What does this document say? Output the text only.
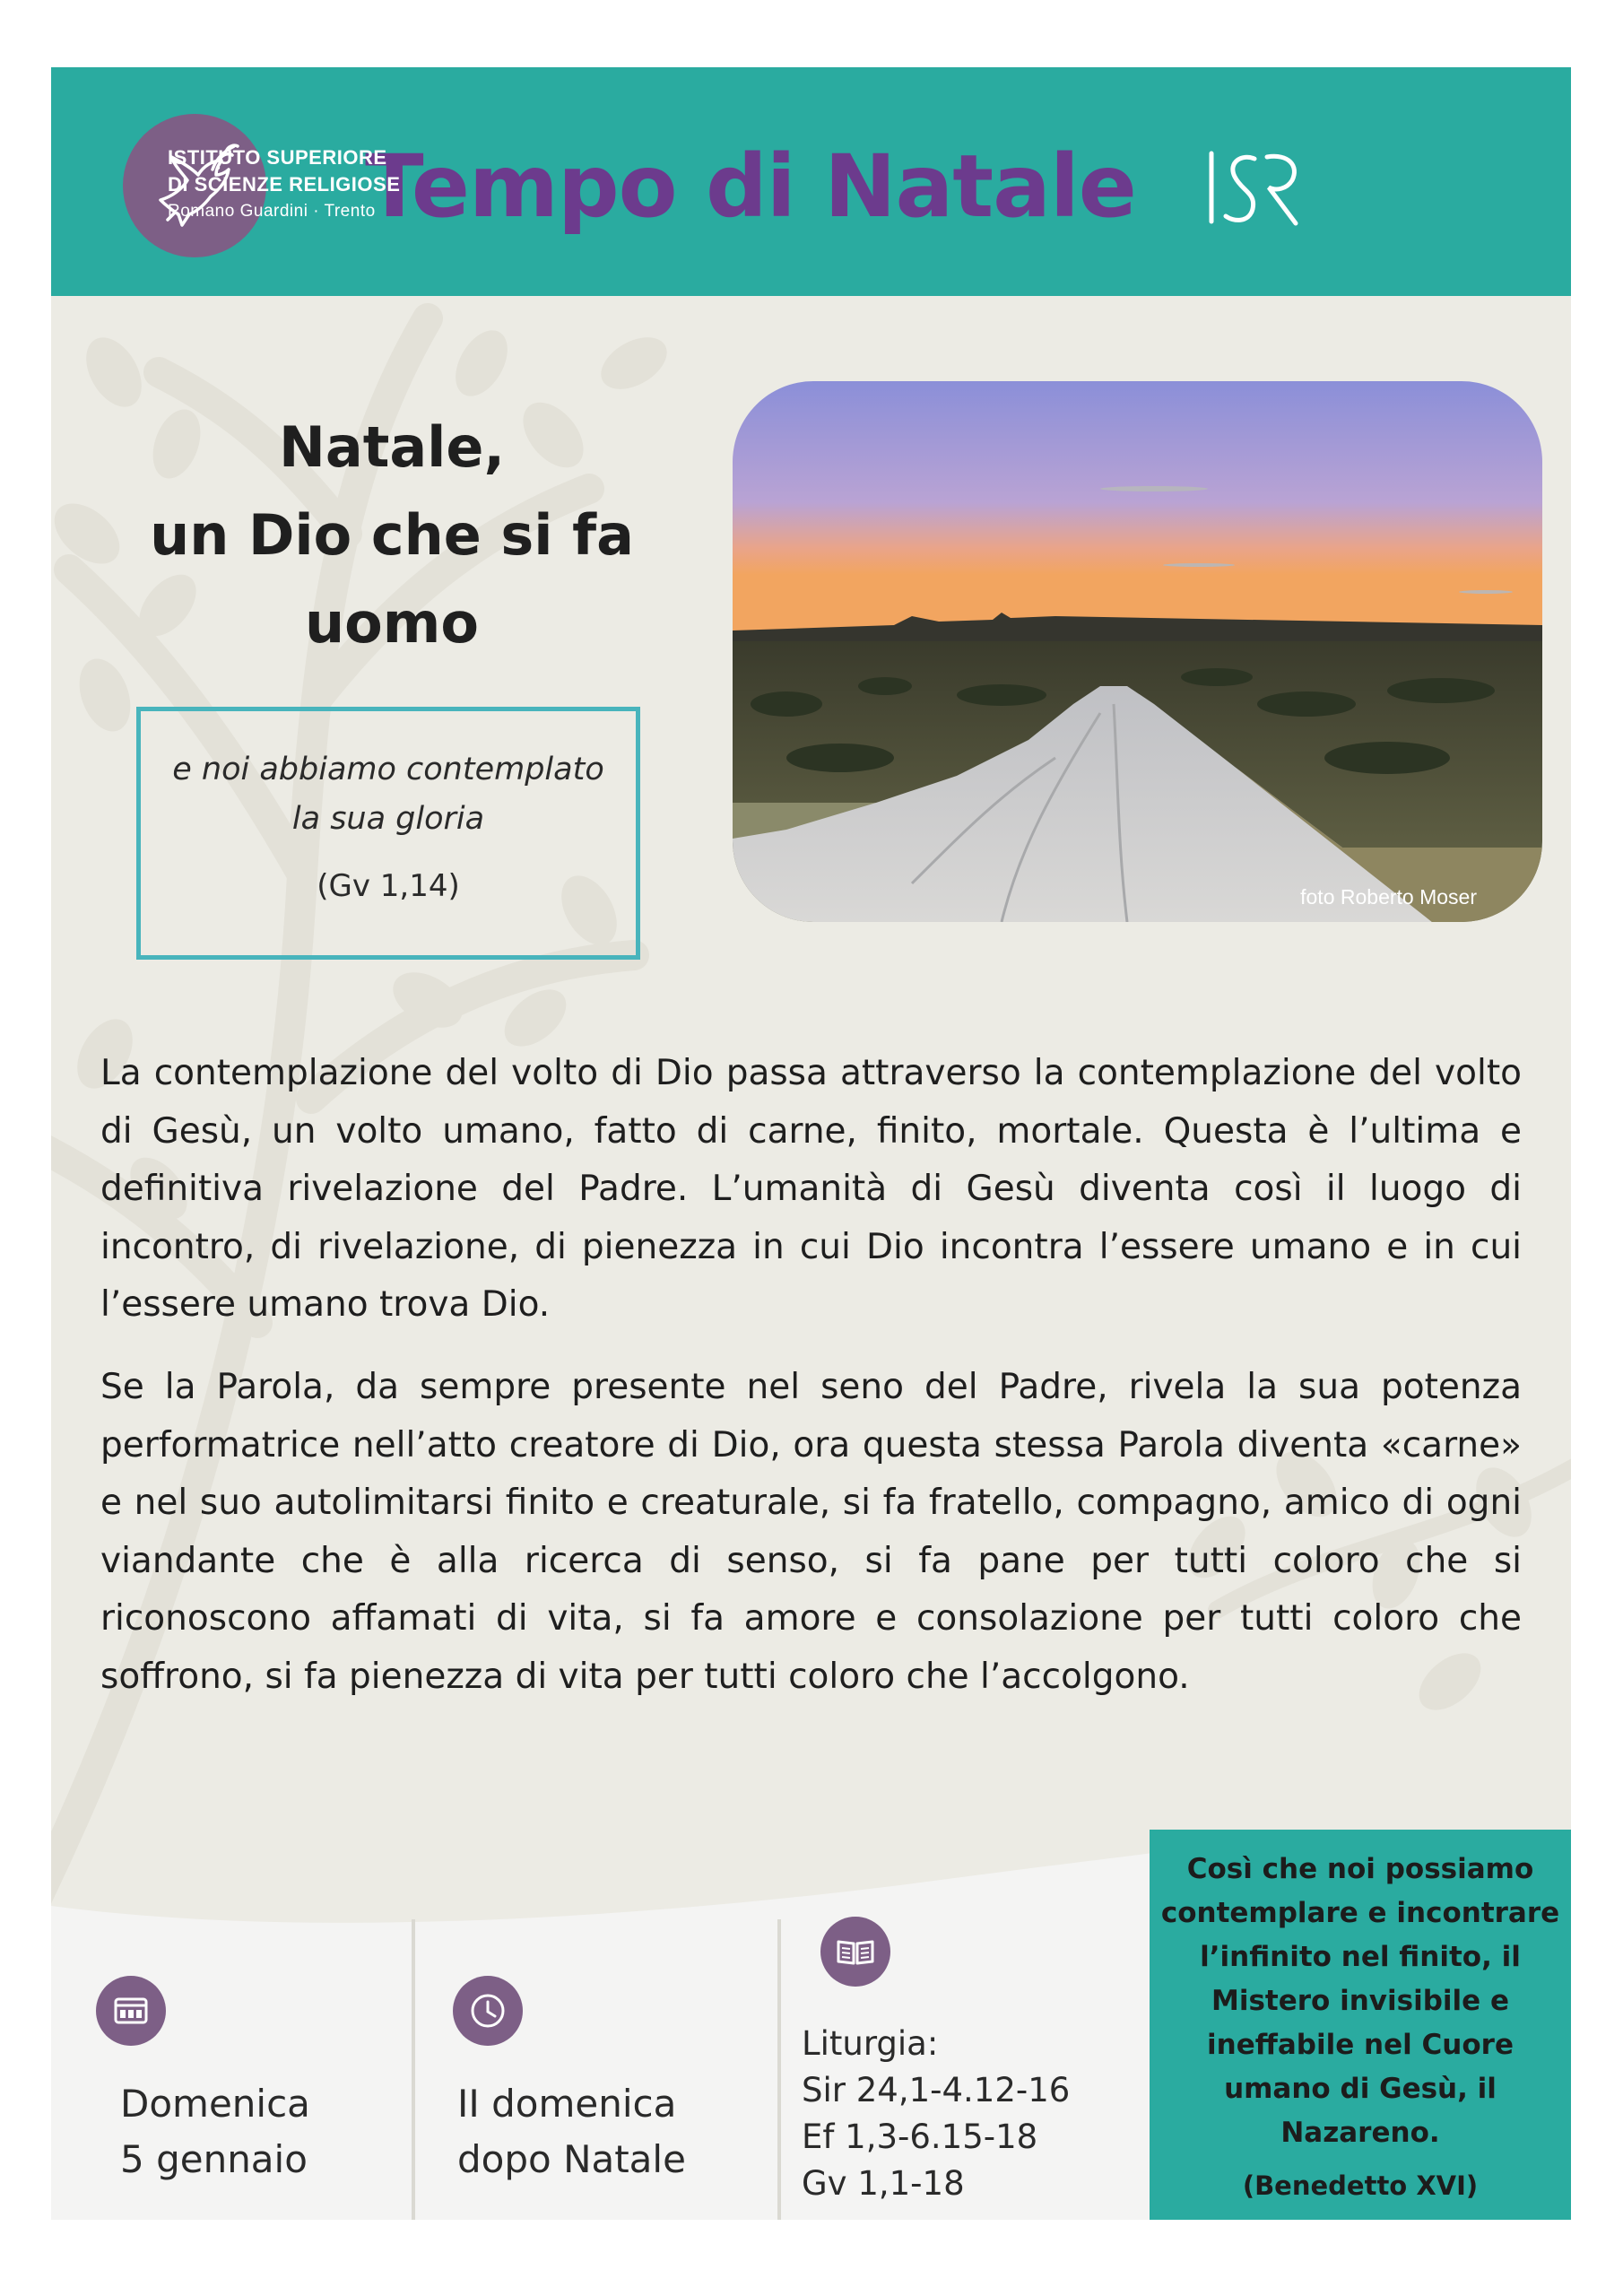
Tempo di Natale
ISTITUTO SUPERIORE
DI SCIENZE RELIGIOSE
Romano Guardini · Trento
Natale,
un Dio che si fa
uomo
e noi abbiamo contemplato
la sua gloria
(Gv 1,14)	foto Roberto Moser

La contemplazione del volto di Dio passa attraverso la contemplazione del volto di Gesù, un volto umano, fatto di carne, finito, mortale. Questa è l’ultima e definitiva rivelazione del Padre. L’umanità di Gesù diventa così il luogo di incontro, di rivelazione, di pienezza in cui Dio incontra l’essere umano e in cui l’essere umano trova Dio.

Se la Parola, da sempre presente nel seno del Padre, rivela la sua potenza performatrice nell’atto creatore di Dio, ora questa stessa Parola diventa «carne» e nel suo autolimitarsi finito e creaturale, si fa fratello, compagno, amico di ogni viandante che è alla ricerca di senso, si fa pane per tutti coloro che si riconoscono affamati di vita, si fa amore e consolazione per tutti coloro che soffrono, si fa pienezza di vita per tutti coloro che l’accolgono.

Domenica
5 gennaio
II domenica
dopo Natale
Liturgia:
Sir 24,1-4.12-16
Ef 1,3-6.15-18
Gv 1,1-18
Così che noi possiamo
contemplare e incontrare
l’infinito nel finito, il
Mistero invisibile e
ineffabile nel Cuore
umano di Gesù, il
Nazareno.
(Benedetto XVI)
